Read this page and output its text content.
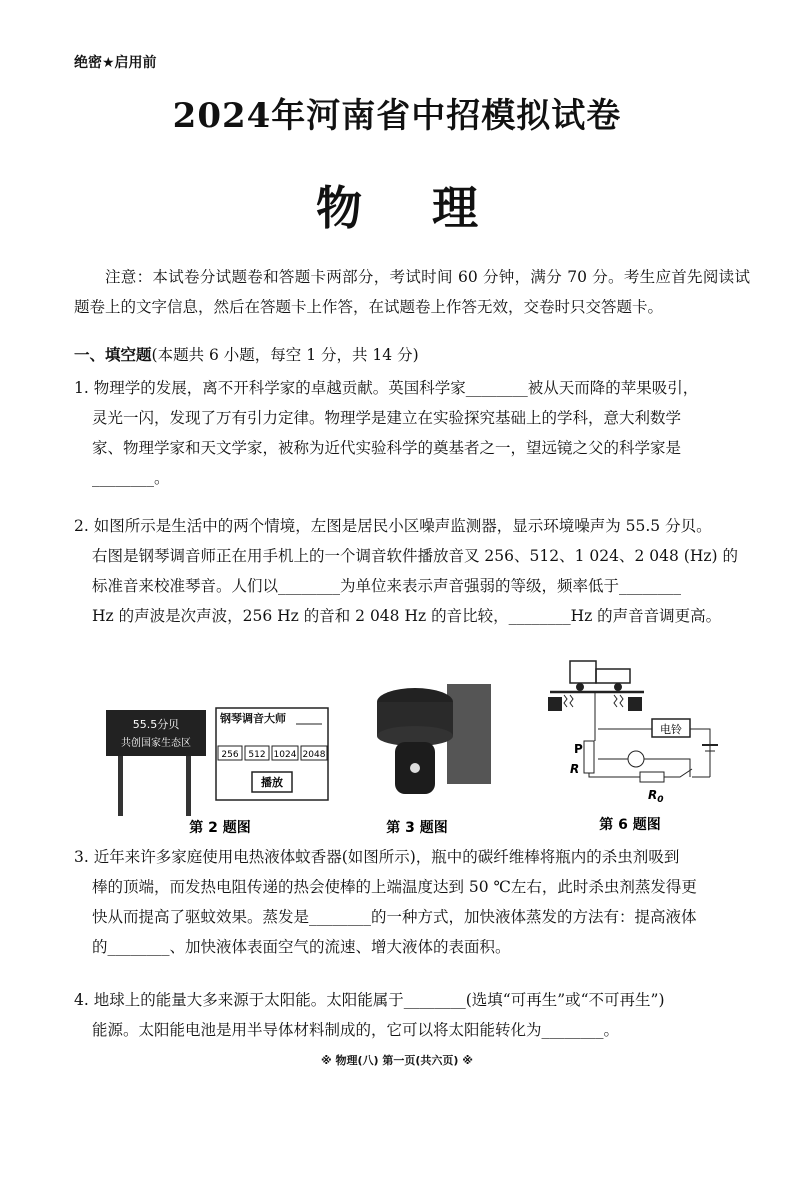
绝密★启用前
2024年河南省中招模拟试卷
物 理
注意：本试卷分试题卷和答题卡两部分，考试时间 60 分钟，满分 70 分。考生应首先阅读试题卷上的文字信息，然后在答题卡上作答，在试题卷上作答无效，交卷时只交答题卡。
一、填空题(本题共 6 小题，每空 1 分，共 14 分)
1. 物理学的发展，离不开科学家的卓越贡献。英国科学家________被从天而降的苹果吸引，
灵光一闪，发现了万有引力定律。物理学是建立在实验探究基础上的学科，意大利数学
家、物理学家和天文学家，被称为近代实验科学的奠基者之一，望远镜之父的科学家是
________。
2. 如图所示是生活中的两个情境，左图是居民小区噪声监测器，显示环境噪声为 55.5 分贝。
右图是钢琴调音师正在用手机上的一个调音软件播放音叉 256、512、1 024、2 048 (Hz) 的
标准音来校准琴音。人们以________为单位来表示声音强弱的等级，频率低于________
Hz 的声波是次声波，256 Hz 的音和 2 048 Hz 的音比较，________Hz 的声音音调更高。
55.5分贝
共创国家生态区
钢琴调音大师
256 512 1024 2048
播放
第 2 题图	第 3 题图
电铃
P
R
$R_0$
第 6 题图
3. 近年来许多家庭使用电热液体蚊香器(如图所示)，瓶中的碳纤维棒将瓶内的杀虫剂吸到
棒的顶端，而发热电阻传递的热会使棒的上端温度达到 50 ℃左右，此时杀虫剂蒸发得更
快从而提高了驱蚊效果。蒸发是________的一种方式，加快液体蒸发的方法有：提高液体
的________、加快液体表面空气的流速、增大液体的表面积。
4. 地球上的能量大多来源于太阳能。太阳能属于________(选填“可再生”或“不可再生”)
能源。太阳能电池是用半导体材料制成的，它可以将太阳能转化为________。
※ 物理(八) 第一页(共六页) ※
